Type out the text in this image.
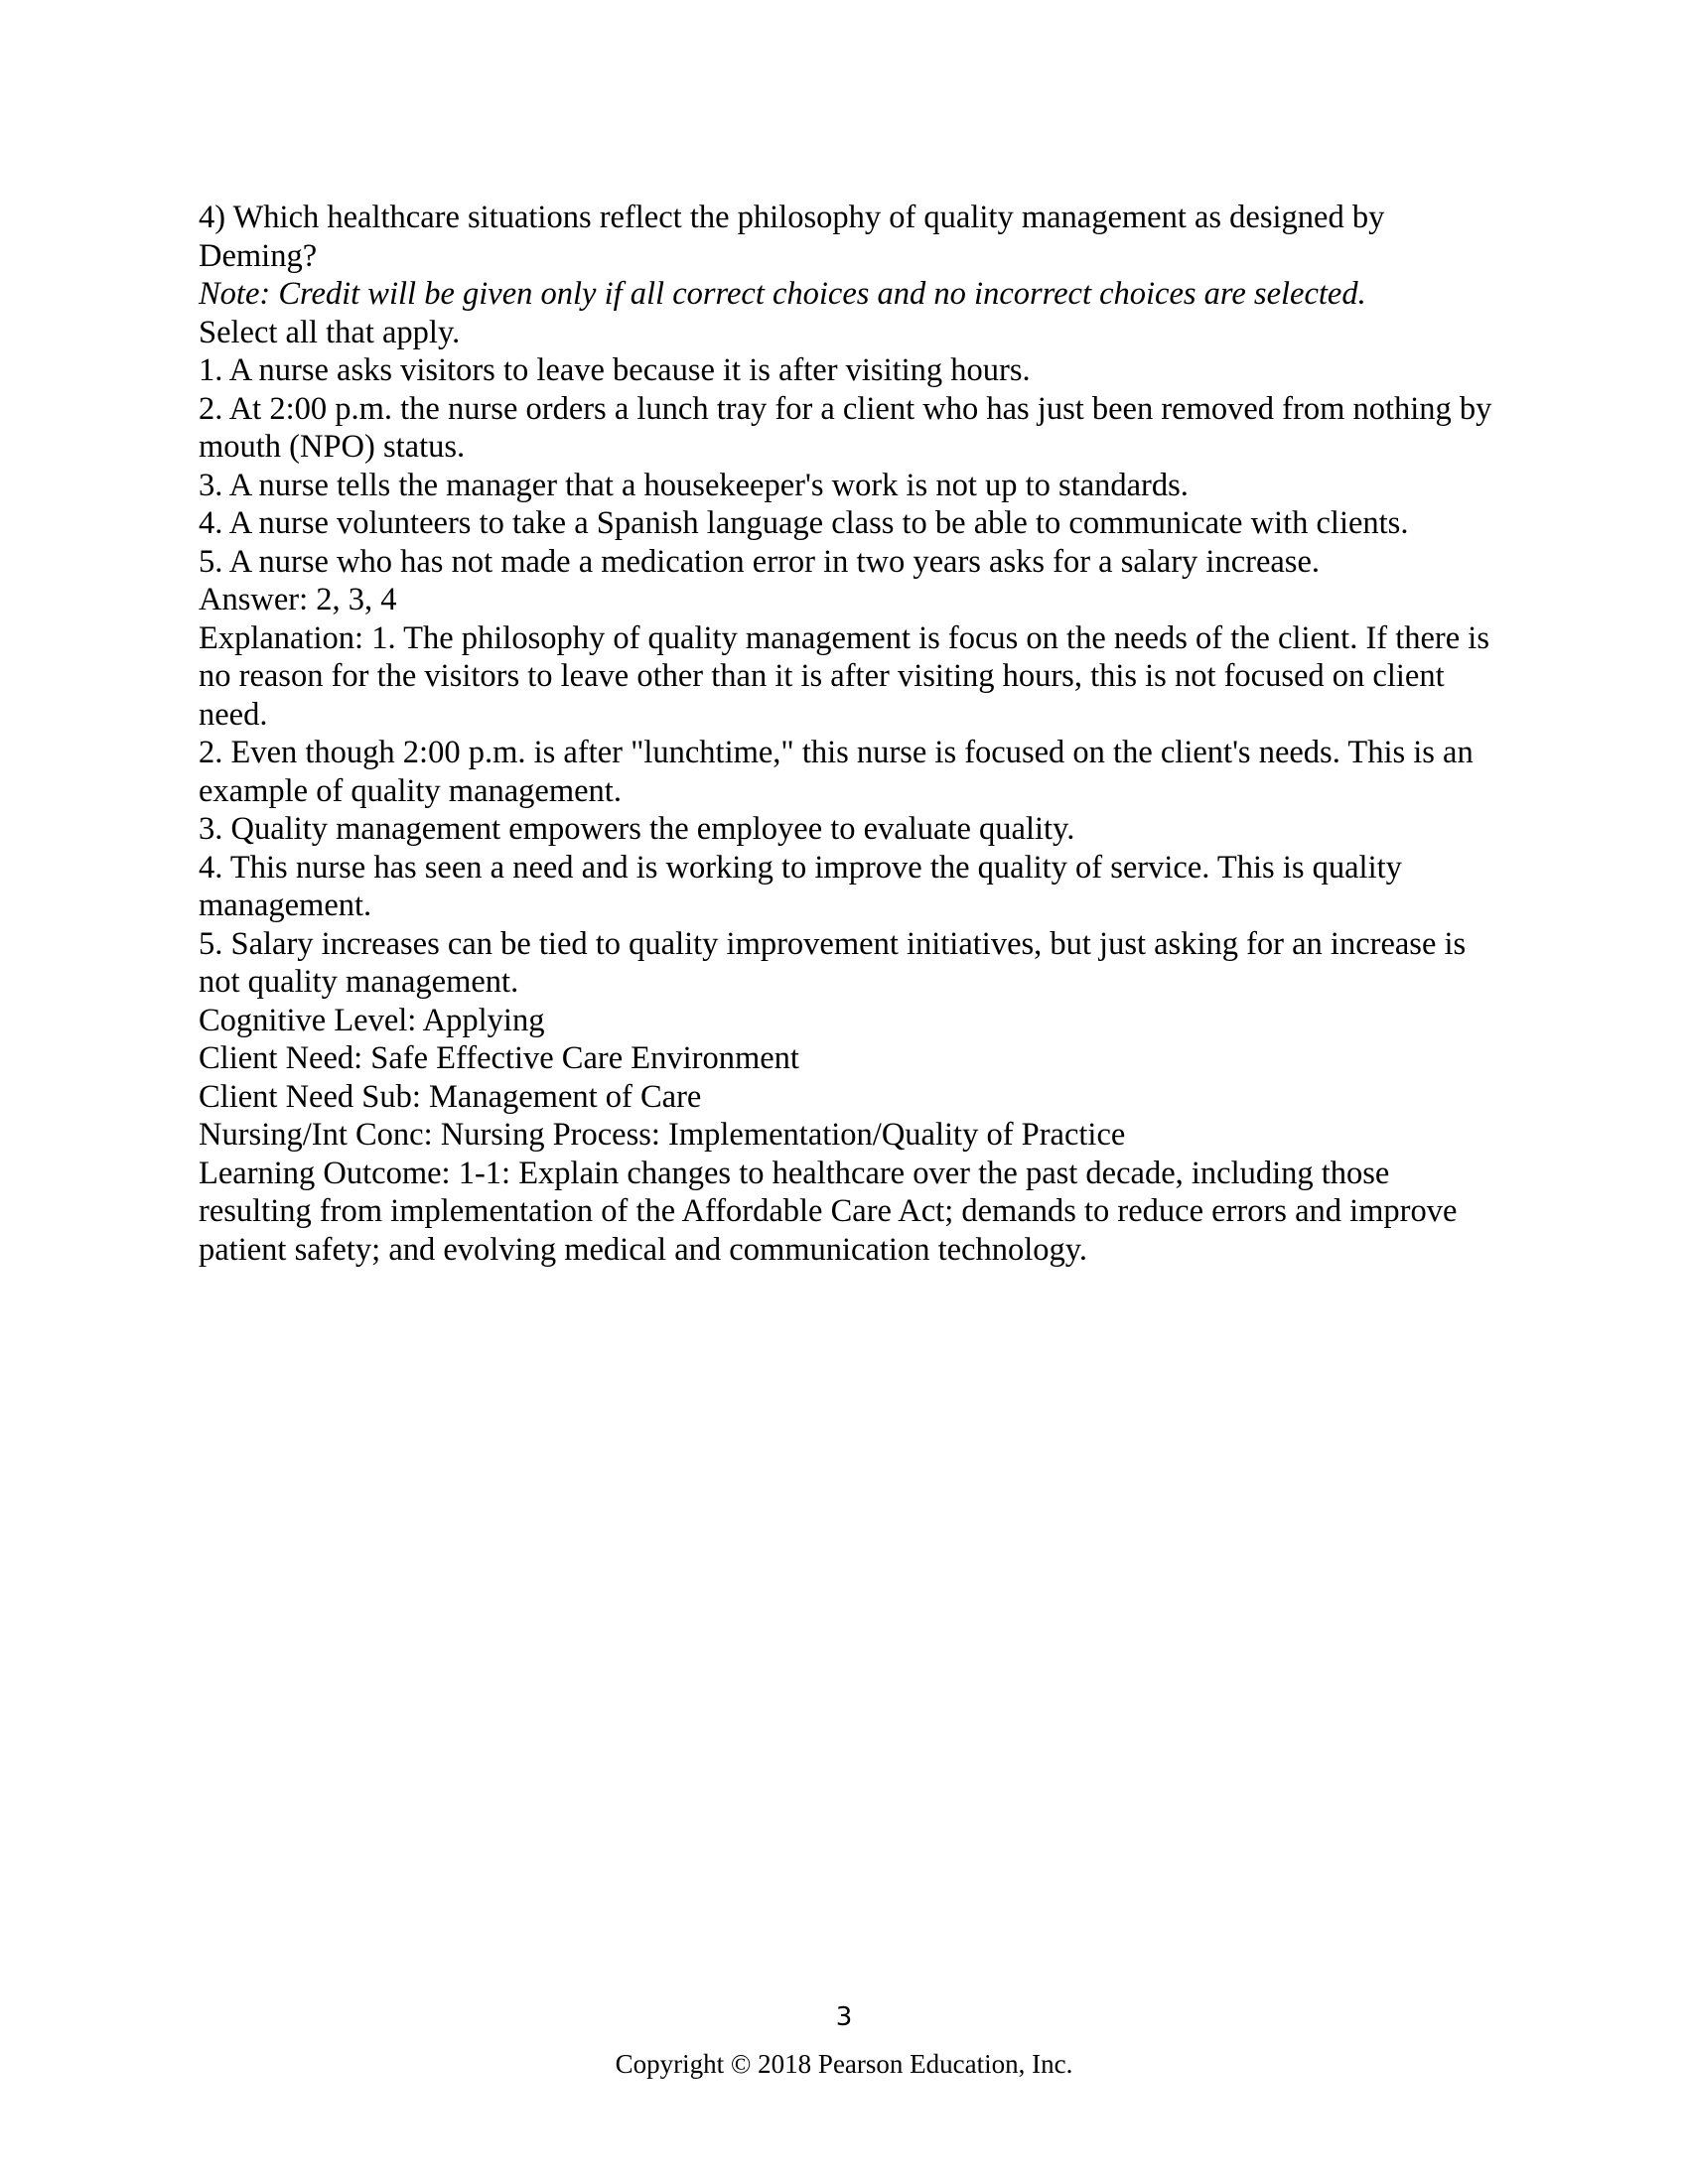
4) Which healthcare situations reflect the philosophy of quality management as designed by Deming?
Note: Credit will be given only if all correct choices and no incorrect choices are selected.
Select all that apply.
1. A nurse asks visitors to leave because it is after visiting hours.
2. At 2:00 p.m. the nurse orders a lunch tray for a client who has just been removed from nothing by mouth (NPO) status.
3. A nurse tells the manager that a housekeeper's work is not up to standards.
4. A nurse volunteers to take a Spanish language class to be able to communicate with clients.
5. A nurse who has not made a medication error in two years asks for a salary increase.
Answer: 2, 3, 4
Explanation: 1. The philosophy of quality management is focus on the needs of the client. If there is no reason for the visitors to leave other than it is after visiting hours, this is not focused on client need.
2. Even though 2:00 p.m. is after "lunchtime," this nurse is focused on the client's needs. This is an example of quality management.
3. Quality management empowers the employee to evaluate quality.
4. This nurse has seen a need and is working to improve the quality of service. This is quality management.
5. Salary increases can be tied to quality improvement initiatives, but just asking for an increase is not quality management.
Cognitive Level: Applying
Client Need: Safe Effective Care Environment
Client Need Sub: Management of Care
Nursing/Int Conc: Nursing Process: Implementation/Quality of Practice
Learning Outcome: 1-1: Explain changes to healthcare over the past decade, including those resulting from implementation of the Affordable Care Act; demands to reduce errors and improve patient safety; and evolving medical and communication technology.
3
Copyright © 2018 Pearson Education, Inc.
